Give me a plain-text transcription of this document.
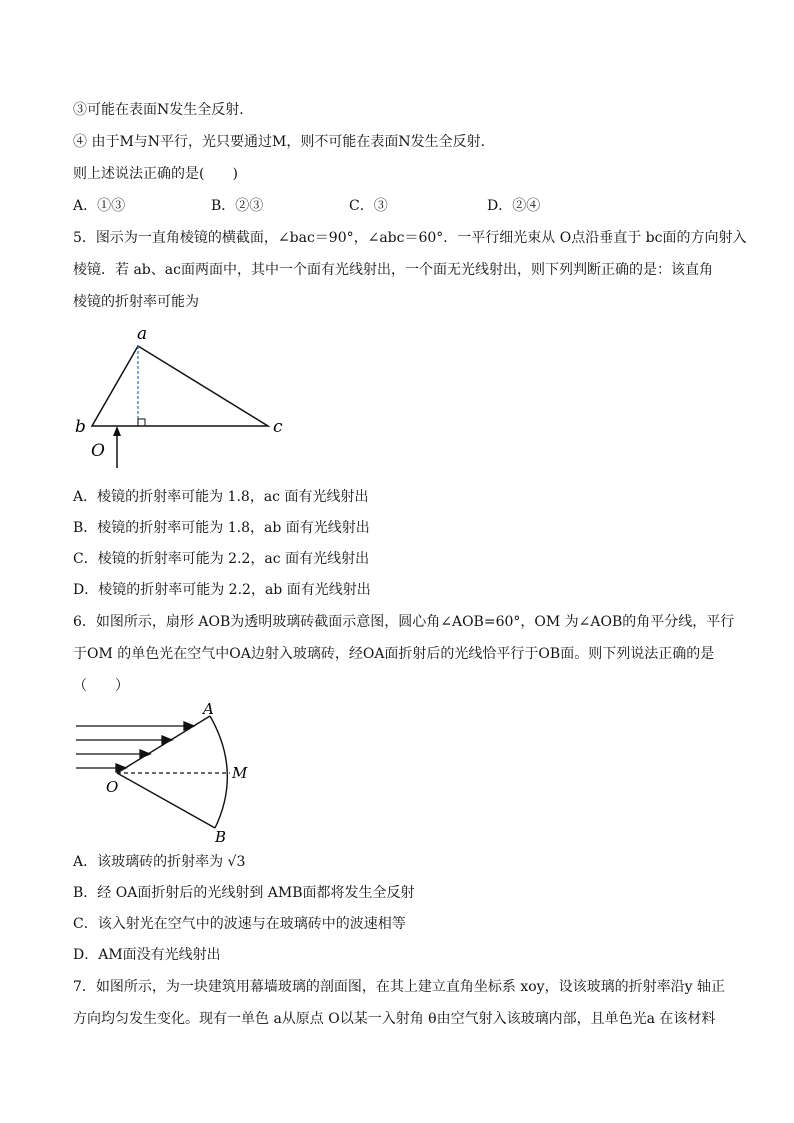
③可能在表面N发生全反射．
④ 由于M与N平行，光只要通过M，则不可能在表面N发生全反射．
则上述说法正确的是(　　)
A．①③	B．②③	C．③	D．②④
5．图示为一直角棱镜的横截面，∠bac＝90°，∠abc＝60°．一平行细光束从 O点沿垂直于 bc面的方向射入
棱镜．若 ab、ac面两面中，其中一个面有光线射出，一个面无光线射出，则下列判断正确的是：该直角
棱镜的折射率可能为
a
b	c
O
A．棱镜的折射率可能为 1.8，ac 面有光线射出
B．棱镜的折射率可能为 1.8，ab 面有光线射出
C．棱镜的折射率可能为 2.2，ac 面有光线射出
D．棱镜的折射率可能为 2.2，ab 面有光线射出
6．如图所示，扇形 AOB为透明玻璃砖截面示意图，圆心角∠AOB=60°，OM 为∠AOB的角平分线，平行
于OM 的单色光在空气中OA边射入玻璃砖，经OA面折射后的光线恰平行于OB面。则下列说法正确的是
（　　）
A
B
M
O
A．该玻璃砖的折射率为 √3
B．经 OA面折射后的光线射到 AMB面都将发生全反射
C．该入射光在空气中的波速与在玻璃砖中的波速相等
D．AM面没有光线射出
7．如图所示，为一块建筑用幕墙玻璃的剖面图，在其上建立直角坐标系 xoy，设该玻璃的折射率沿y 轴正
方向均匀发生变化。现有一单色 a从原点 O以某一入射角 θ由空气射入该玻璃内部，且单色光a 在该材料
